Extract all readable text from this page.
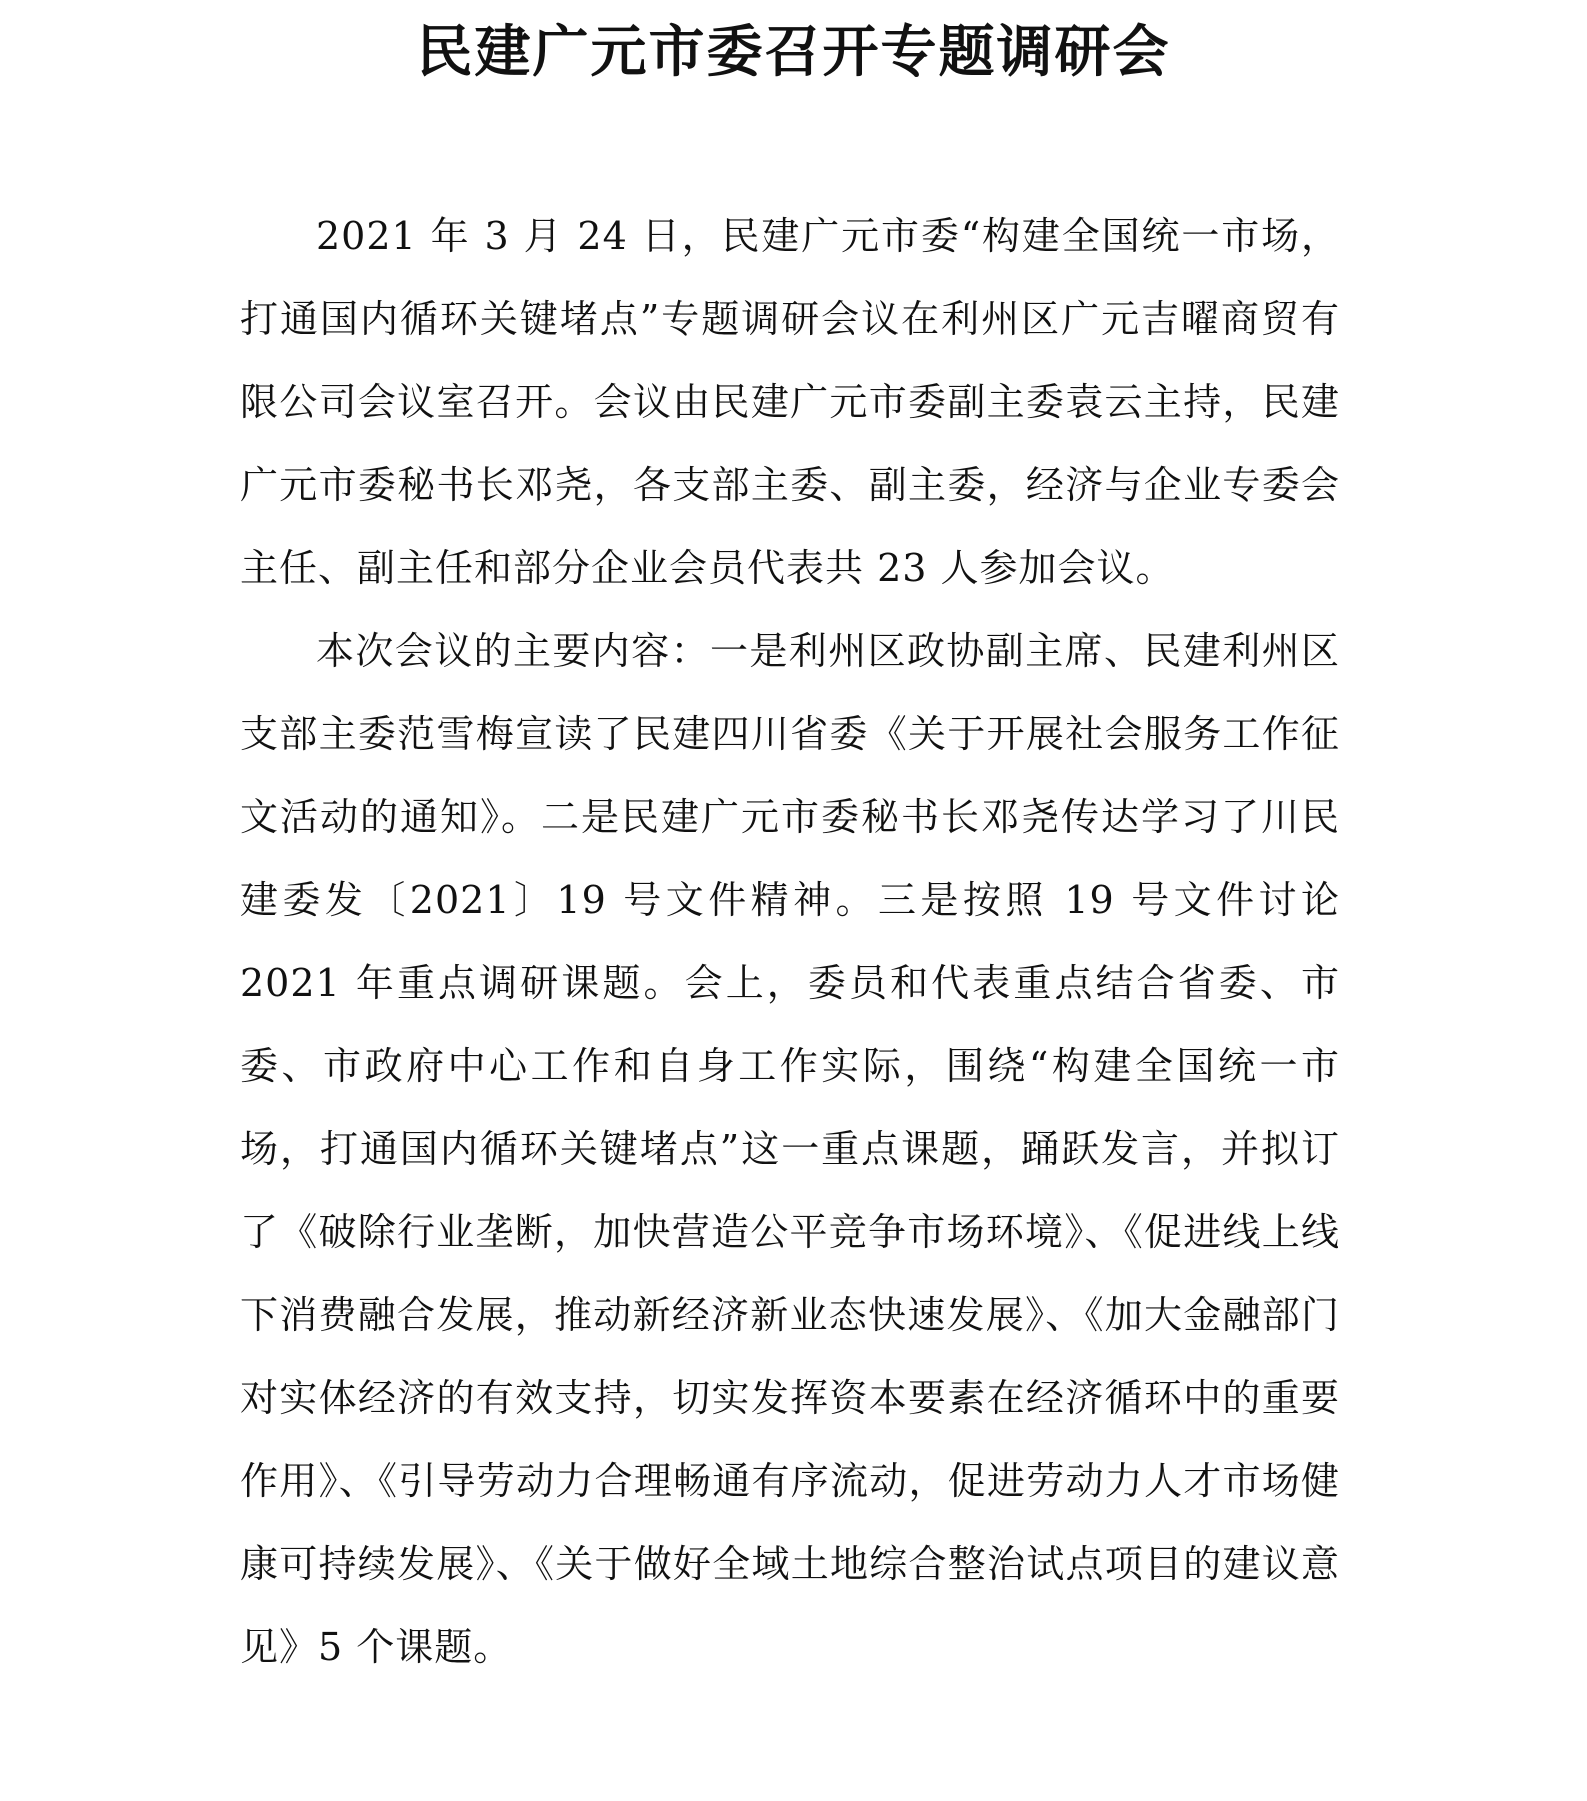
民建广元市委召开专题调研会

2021 年 3 月 24 日，民建广元市委“构建全国统一市场，打通国内循环关键堵点”专题调研会议在利州区广元吉曜商贸有限公司会议室召开。会议由民建广元市委副主委袁云主持，民建广元市委秘书长邓尧，各支部主委、副主委，经济与企业专委会主任、副主任和部分企业会员代表共 23 人参加会议。

本次会议的主要内容：一是利州区政协副主席、民建利州区支部主委范雪梅宣读了民建四川省委《关于开展社会服务工作征文活动的通知》。二是民建广元市委秘书长邓尧传达学习了川民建委发〔2021〕19 号文件精神。三是按照 19 号文件讨论 2021 年重点调研课题。会上，委员和代表重点结合省委、市委、市政府中心工作和自身工作实际，围绕“构建全国统一市场，打通国内循环关键堵点”这一重点课题，踊跃发言，并拟订了《破除行业垄断，加快营造公平竞争市场环境》、《促进线上线下消费融合发展，推动新经济新业态快速发展》、《加大金融部门对实体经济的有效支持，切实发挥资本要素在经济循环中的重要作用》、《引导劳动力合理畅通有序流动，促进劳动力人才市场健康可持续发展》、《关于做好全域土地综合整治试点项目的建议意见》5 个课题。
